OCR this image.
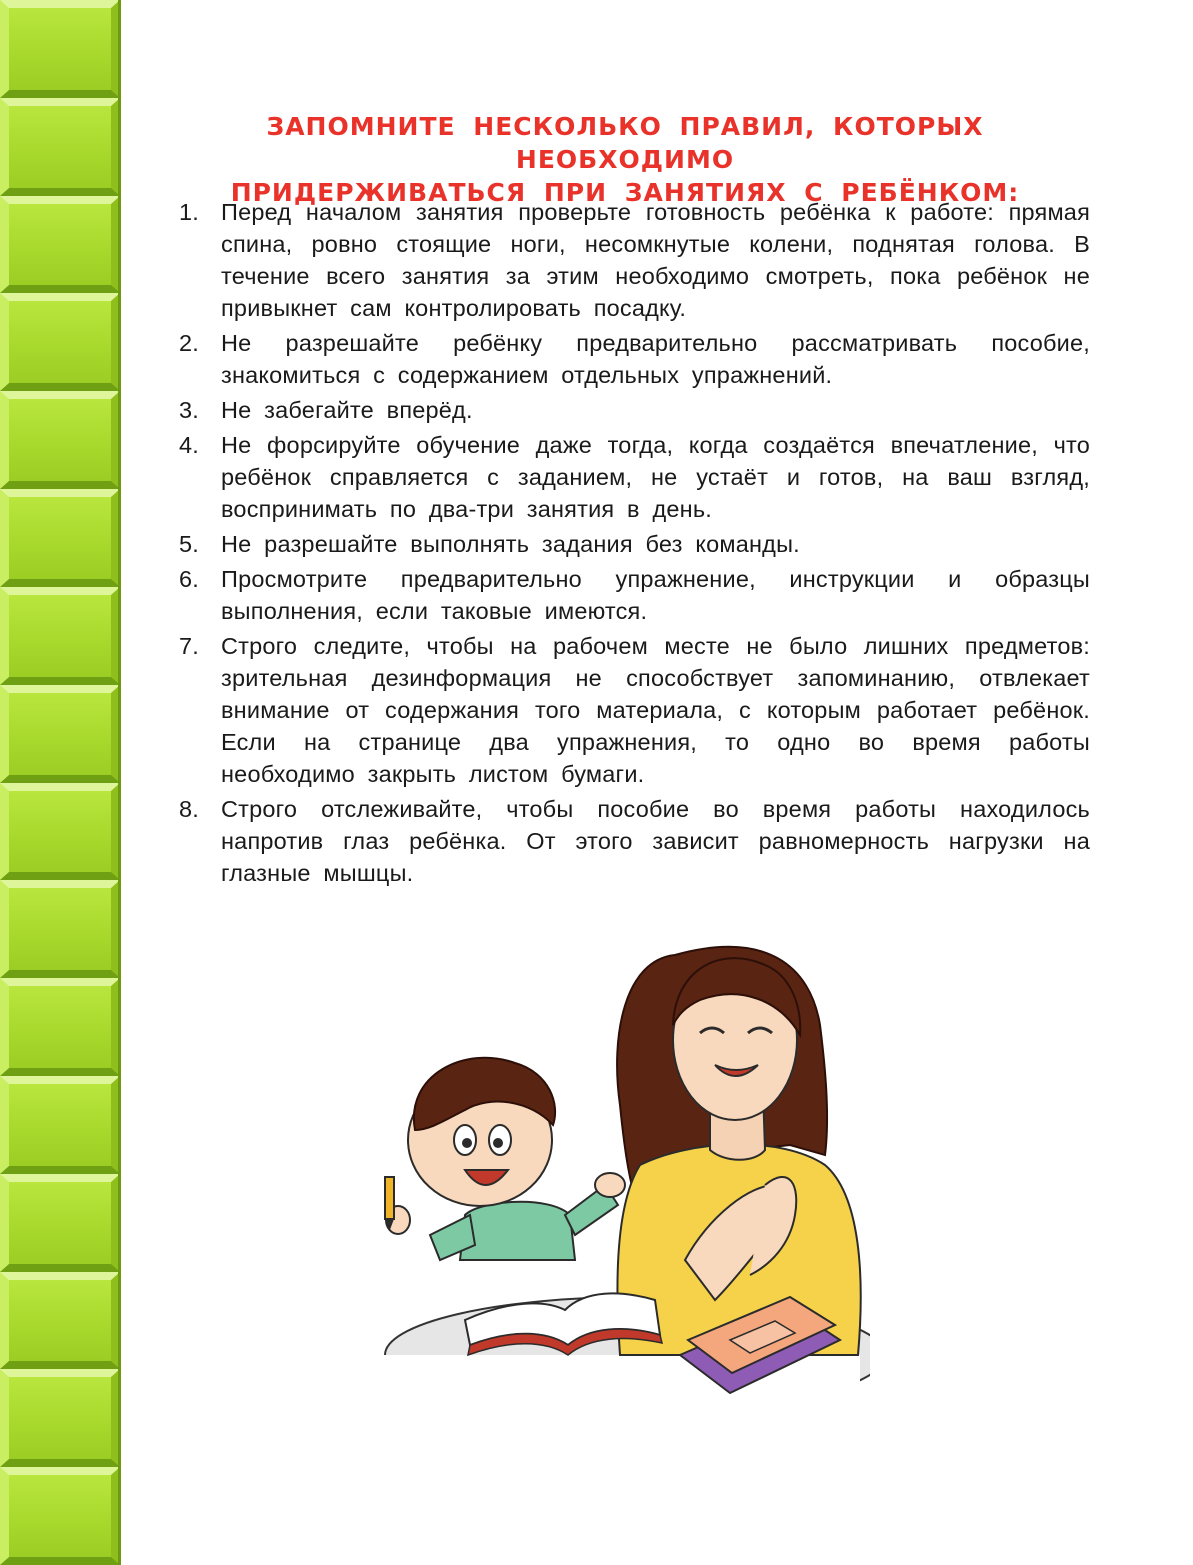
ЗАПОМНИТЕ НЕСКОЛЬКО ПРАВИЛ, КОТОРЫХ НЕОБХОДИМО
ПРИДЕРЖИВАТЬСЯ ПРИ ЗАНЯТИЯХ С РЕБЁНКОМ:
1. Перед началом занятия проверьте готовность ребёнка к работе: прямая спина, ровно стоящие ноги, несомкнутые колени, поднятая голова. В течение всего занятия за этим необходимо смотреть, пока ребёнок не привыкнет сам контролировать посадку.
2. Не разрешайте ребёнку предварительно рассматривать пособие, знакомиться с содержанием отдельных упражнений.
3. Не забегайте вперёд.
4. Не форсируйте обучение даже тогда, когда создаётся впечатление, что ребёнок справляется с заданием, не устаёт и готов, на ваш взгляд, воспринимать по два-три занятия в день.
5. Не разрешайте выполнять задания без команды.
6. Просмотрите предварительно упражнение, инструкции и образцы выполнения, если таковые имеются.
7. Строго следите, чтобы на рабочем месте не было лишних предметов: зрительная дезинформация не способствует запоминанию, отвлекает внимание от содержания того материала, с которым работает ребёнок. Если на странице два упражнения, то одно во время работы необходимо закрыть листом бумаги.
8. Строго отслеживайте, чтобы пособие во время работы находилось напротив глаз ребёнка. От этого зависит равномерность нагрузки на глазные мышцы.
